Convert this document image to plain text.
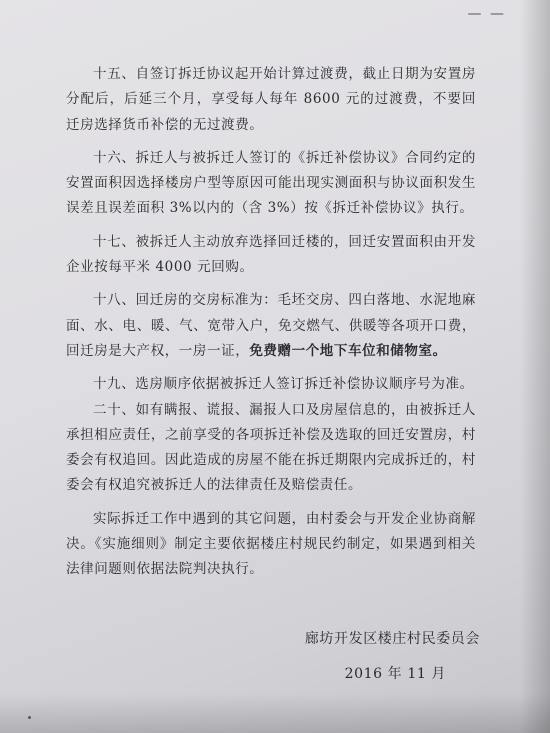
— —

十五、自签订拆迁协议起开始计算过渡费，截止日期为安置房分配后，后延三个月，享受每人每年 8600 元的过渡费，不要回迁房选择货币补偿的无过渡费。

十六、拆迁人与被拆迁人签订的《拆迁补偿协议》合同约定的安置面积因选择楼房户型等原因可能出现实测面积与协议面积发生误差且误差面积 3%以内的（含 3%）按《拆迁补偿协议》执行。

十七、被拆迁人主动放弃选择回迁楼的，回迁安置面积由开发企业按每平米 4000 元回购。

十八、回迁房的交房标准为：毛坯交房、四白落地、水泥地麻面、水、电、暖、气、宽带入户，免交燃气、供暖等各项开口费，回迁房是大产权，一房一证，免费赠一个地下车位和储物室。

十九、选房顺序依据被拆迁人签订拆迁补偿协议顺序号为准。

二十、如有瞒报、谎报、漏报人口及房屋信息的，由被拆迁人承担相应责任，之前享受的各项拆迁补偿及选取的回迁安置房，村委会有权追回。因此造成的房屋不能在拆迁期限内完成拆迁的，村委会有权追究被拆迁人的法律责任及赔偿责任。

实际拆迁工作中遇到的其它问题，由村委会与开发企业协商解决。《实施细则》制定主要依据楼庄村规民约制定，如果遇到相关法律问题则依据法院判决执行。

廊坊开发区楼庄村民委员会
2016 年 11 月
